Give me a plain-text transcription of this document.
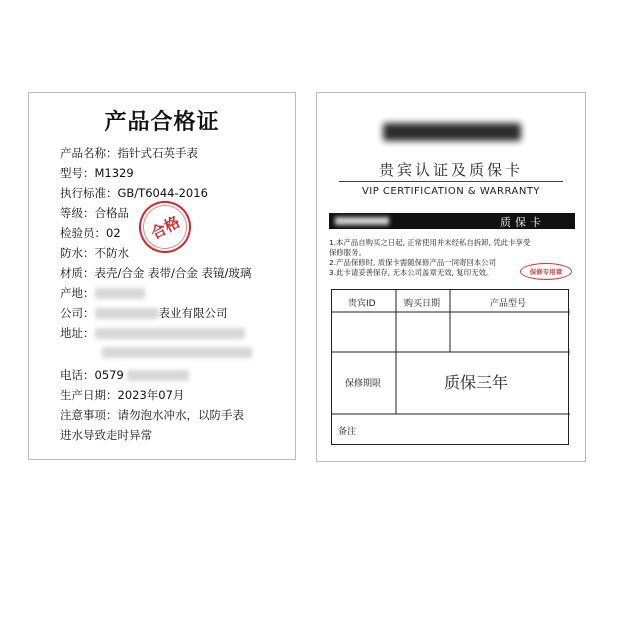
产品合格证
产品名称：指针式石英手表
型号：M1329
执行标准：GB/T6044-2016
等级：合格品
检验员：02
防水：不防水
材质：表壳/合金 表带/合金 表镜/玻璃
产地：
公司：	表业有限公司
地址：
电话：0579
生产日期：2023年07月
注意事项：请勿泡水冲水，以防手表
进水导致走时异常
合格
贵宾认证及质保卡
VIP CERTIFICATION & WARRANTY
质保卡
1.本产品自购买之日起, 正常使用并未经私自拆卸, 凭此卡享受
保修服务。
2.产品保修时, 质保卡需随保修产品一同寄回本公司
3.此卡请妥善保存, 无本公司盖章无效, 复印无效。	保修专用章
贵宾ID	购买日期	产品型号
保修期限	质保三年
备注
